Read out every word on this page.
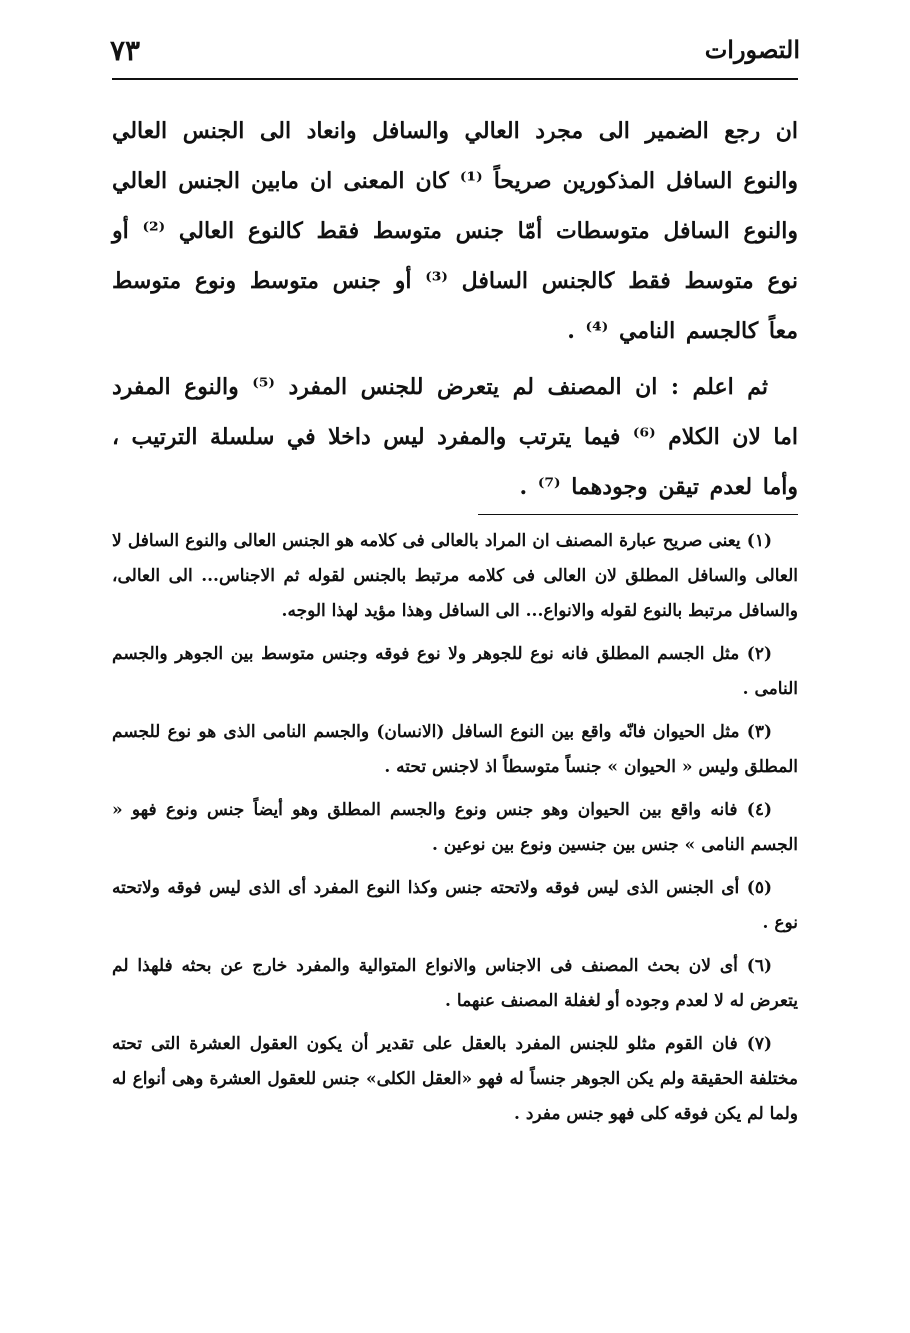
التصورات
٧٣

ان رجع الضمير الى مجرد العالي والسافل وانعاد الى الجنس العالي والنوع السافل المذكورين صريحاً ⁽¹⁾ كان المعنى ان مابين الجنس العالي والنوع السافل متوسطات أمّا جنس متوسط فقط كالنوع العالي ⁽²⁾ أو نوع متوسط فقط كالجنس السافل ⁽³⁾ أو جنس متوسط ونوع متوسط معاً كالجسم النامي ⁽⁴⁾ .

ثم اعلم : ان المصنف لم يتعرض للجنس المفرد ⁽⁵⁾ والنوع المفرد اما لان الكلام ⁽⁶⁾ فيما يترتب والمفرد ليس داخلا في سلسلة الترتيب ، وأما لعدم تيقن وجودهما ⁽⁷⁾ .

(١) يعنى صريح عبارة المصنف ان المراد بالعالى فى كلامه هو الجنس العالى والنوع السافل لا العالى والسافل المطلق لان العالى فى كلامه مرتبط بالجنس لقوله ثم الاجناس... الى العالى، والسافل مرتبط بالنوع لقوله والانواع... الى السافل وهذا مؤيد لهذا الوجه.

(٢) مثل الجسم المطلق فانه نوع للجوهر ولا نوع فوقه وجنس متوسط بين الجوهر والجسم النامى .

(٣) مثل الحيوان فانّه واقع بين النوع السافل (الانسان) والجسم النامى الذى هو نوع للجسم المطلق وليس « الحيوان » جنساً متوسطاً اذ لاجنس تحته .

(٤) فانه واقع بين الحيوان وهو جنس ونوع والجسم المطلق وهو أيضاً جنس ونوع فهو « الجسم النامى » جنس بين جنسين ونوع بين نوعين .

(٥) أى الجنس الذى ليس فوقه ولاتحته جنس وكذا النوع المفرد أى الذى ليس فوقه ولاتحته نوع .

(٦) أى لان بحث المصنف فى الاجناس والانواع المتوالية والمفرد خارج عن بحثه فلهذا لم يتعرض له لا لعدم وجوده أو لغفلة المصنف عنهما .

(٧) فان القوم مثلو للجنس المفرد بالعقل على تقدير أن يكون العقول العشرة التى تحته مختلفة الحقيقة ولم يكن الجوهر جنساً له فهو «العقل الكلى» جنس للعقول العشرة وهى أنواع له ولما لم يكن فوقه كلى فهو جنس مفرد .
